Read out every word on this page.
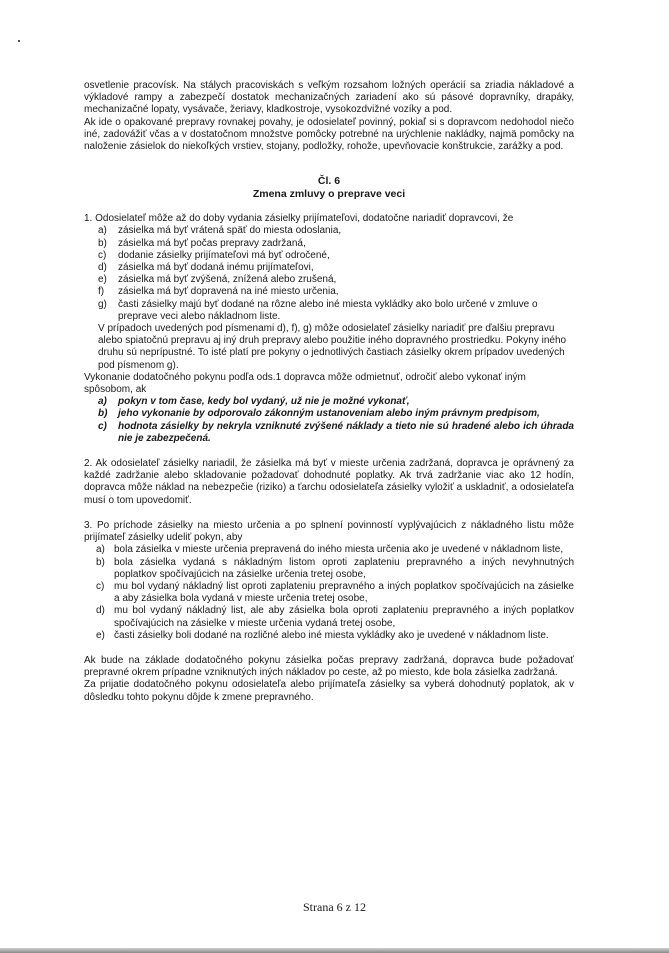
osvetlenie pracovísk. Na stálych pracoviskách s veľkým rozsahom ložných operácií sa zriadia nákladové a výkladové rampy a zabezpečí dostatok mechanizačných zariadení ako sú pásové dopravníky, drapáky, mechanizačné lopaty, vysávače, žeriavy, kladkostroje, vysokozdvižné vozíky a pod.

Ak ide o opakované prepravy rovnakej povahy, je odosielateľ povinný, pokiaľ si s dopravcom nedohodol niečo iné, zadovážiť včas a v dostatočnom množstve pomôcky potrebné na urýchlenie nakládky, najmä pomôcky na naloženie zásielok do niekoľkých vrstiev, stojany, podložky, rohože, upevňovacie konštrukcie, zarážky a pod.

Čl. 6
Zmena zmluvy o preprave veci

1. Odosielateľ môže až do doby vydania zásielky prijímateľovi, dodatočne nariadiť dopravcovi, že

a) zásielka má byť vrátená späť do miesta odoslania,
b) zásielka má byť počas prepravy zadržaná,
c) dodanie zásielky prijímateľovi má byť odročené,
d) zásielka má byť dodaná inému prijímateľovi,
e) zásielka má byť zvýšená, znížená alebo zrušená,
f) zásielka má byť dopravená na iné miesto určenia,
g) časti zásielky majú byť dodané na rôzne alebo iné miesta vykládky ako bolo určené v zmluve o preprave veci alebo nákladnom liste.

V prípadoch uvedených pod písmenami d), f), g) môže odosielateľ zásielky nariadiť pre ďalšiu prepravu alebo spiatočnú prepravu aj iný druh prepravy alebo použitie iného dopravného prostriedku. Pokyny iného druhu sú neprípustné. To isté platí pre pokyny o jednotlivých častiach zásielky okrem prípadov uvedených pod písmenom g).

Vykonanie dodatočného pokynu podľa ods.1 dopravca môže odmietnuť, odročiť alebo vykonať iným spôsobom, ak

a) pokyn v tom čase, kedy bol vydaný, už nie je možné vykonať,
b) jeho vykonanie by odporovalo zákonným ustanoveniam alebo iným právnym predpisom,
c) hodnota zásielky by nekryla vzniknuté zvýšené náklady a tieto nie sú hradené alebo ich úhrada nie je zabezpečená.

2. Ak odosielateľ zásielky nariadil, že zásielka má byť v mieste určenia zadržaná, dopravca je oprávnený za každé zadržanie alebo skladovanie požadovať dohodnuté poplatky. Ak trvá zadržanie viac ako 12 hodín, dopravca môže náklad na nebezpečie (riziko) a ťarchu odosielateľa zásielky vyložiť a uskladniť, a odosielateľa musí o tom upovedomiť.

3. Po príchode zásielky na miesto určenia a po splnení povinností vyplývajúcich z nákladného listu môže prijímateľ zásielky udeliť pokyn, aby

a) bola zásielka v mieste určenia prepravená do iného miesta určenia ako je uvedené v nákladnom liste,
b) bola zásielka vydaná s nákladným listom oproti zaplateniu prepravného a iných nevyhnutných poplatkov spočívajúcich na zásielke určenia tretej osobe,
c) mu bol vydaný nákladný list oproti zaplateniu prepravného a iných poplatkov spočívajúcich na zásielke a aby zásielka bola vydaná v mieste určenia tretej osobe,
d) mu bol vydaný nákladný list, ale aby zásielka bola oproti zaplateniu prepravného a iných poplatkov spočívajúcich na zásielke v mieste určenia vydaná tretej osobe,
e) časti zásielky boli dodané na rozličné alebo iné miesta vykládky ako je uvedené v nákladnom liste.

Ak bude na základe dodatočného pokynu zásielka počas prepravy zadržaná, dopravca bude požadovať prepravné okrem prípadne vzniknutých iných nákladov po ceste, až po miesto, kde bola zásielka zadržaná.

Za prijatie dodatočného pokynu odosielateľa alebo prijímateľa zásielky sa vyberá dohodnutý poplatok, ak v dôsledku tohto pokynu dôjde k zmene prepravného.

Strana 6 z 12
